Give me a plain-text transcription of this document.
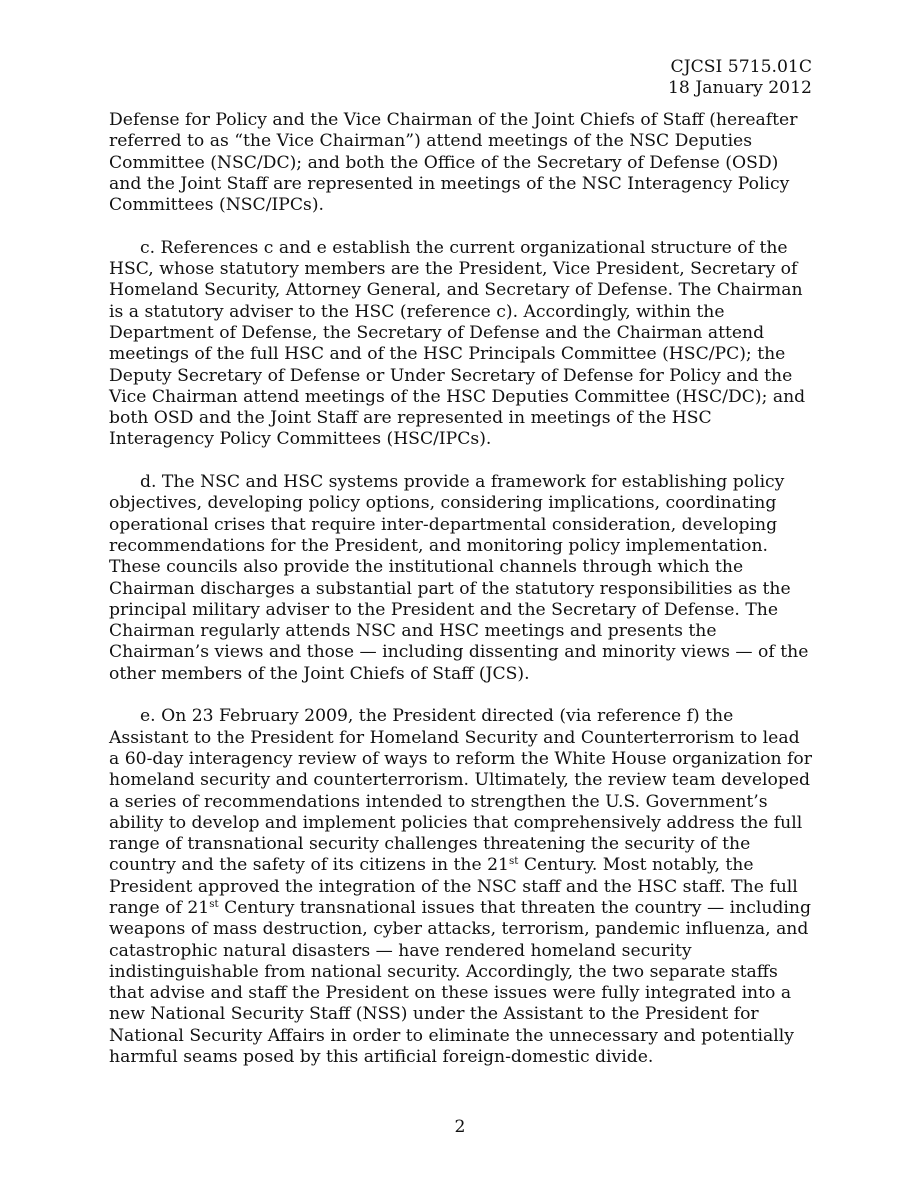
CJCSI 5715.01C
18 January 2012

Defense for Policy and the Vice Chairman of the Joint Chiefs of Staff (hereafter referred to as “the Vice Chairman”) attend meetings of the NSC Deputies Committee (NSC/DC); and both the Office of the Secretary of Defense (OSD) and the Joint Staff are represented in meetings of the NSC Interagency Policy Committees (NSC/IPCs).

c. References c and e establish the current organizational structure of the HSC, whose statutory members are the President, Vice President, Secretary of Homeland Security, Attorney General, and Secretary of Defense. The Chairman is a statutory adviser to the HSC (reference c). Accordingly, within the Department of Defense, the Secretary of Defense and the Chairman attend meetings of the full HSC and of the HSC Principals Committee (HSC/PC); the Deputy Secretary of Defense or Under Secretary of Defense for Policy and the Vice Chairman attend meetings of the HSC Deputies Committee (HSC/DC); and both OSD and the Joint Staff are represented in meetings of the HSC Interagency Policy Committees (HSC/IPCs).

d. The NSC and HSC systems provide a framework for establishing policy objectives, developing policy options, considering implications, coordinating operational crises that require inter-departmental consideration, developing recommendations for the President, and monitoring policy implementation. These councils also provide the institutional channels through which the Chairman discharges a substantial part of the statutory responsibilities as the principal military adviser to the President and the Secretary of Defense. The Chairman regularly attends NSC and HSC meetings and presents the Chairman’s views and those — including dissenting and minority views — of the other members of the Joint Chiefs of Staff (JCS).

e. On 23 February 2009, the President directed (via reference f) the Assistant to the President for Homeland Security and Counterterrorism to lead a 60-day interagency review of ways to reform the White House organization for homeland security and counterterrorism. Ultimately, the review team developed a series of recommendations intended to strengthen the U.S. Government’s ability to develop and implement policies that comprehensively address the full range of transnational security challenges threatening the security of the country and the safety of its citizens in the 21st Century. Most notably, the President approved the integration of the NSC staff and the HSC staff. The full range of 21st Century transnational issues that threaten the country — including weapons of mass destruction, cyber attacks, terrorism, pandemic influenza, and catastrophic natural disasters — have rendered homeland security indistinguishable from national security. Accordingly, the two separate staffs that advise and staff the President on these issues were fully integrated into a new National Security Staff (NSS) under the Assistant to the President for National Security Affairs in order to eliminate the unnecessary and potentially harmful seams posed by this artificial foreign-domestic divide.

2
